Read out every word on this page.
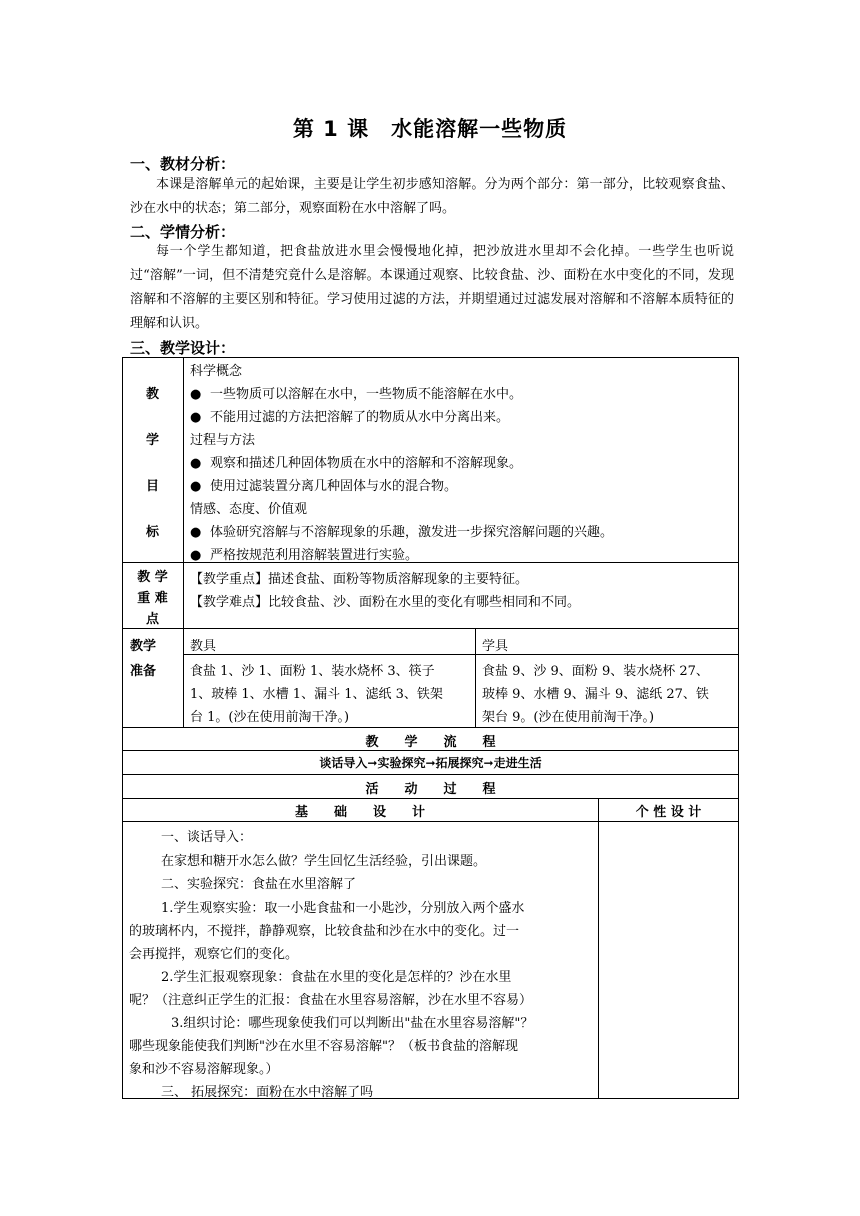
第 1 课 水能溶解一些物质
一、教材分析：
本课是溶解单元的起始课，主要是让学生初步感知溶解。分为两个部分：第一部分，比较观察食盐、沙在水中的状态；第二部分，观察面粉在水中溶解了吗。
二、学情分析：
每一个学生都知道，把食盐放进水里会慢慢地化掉，把沙放进水里却不会化掉。一些学生也听说过“溶解”一词，但不清楚究竟什么是溶解。本课通过观察、比较食盐、沙、面粉在水中变化的不同，发现溶解和不溶解的主要区别和特征。学习使用过滤的方法，并期望通过过滤发展对溶解和不溶解本质特征的理解和认识。
三、教学设计：
教
学
目
标
科学概念
● 一些物质可以溶解在水中，一些物质不能溶解在水中。
● 不能用过滤的方法把溶解了的物质从水中分离出来。
过程与方法
● 观察和描述几种固体物质在水中的溶解和不溶解现象。
● 使用过滤装置分离几种固体与水的混合物。
情感、态度、价值观
● 体验研究溶解与不溶解现象的乐趣，激发进一步探究溶解问题的兴趣。
● 严格按规范利用溶解装置进行实验。
教 学
重 难
点
【教学重点】描述食盐、面粉等物质溶解现象的主要特征。
【教学难点】比较食盐、沙、面粉在水里的变化有哪些相同和不同。
教学
准备
教具	学具
食盐 1、沙 1、面粉 1、装水烧杯 3、筷子
1、玻棒 1、水槽 1、漏斗 1、滤纸 3、铁架
台 1。(沙在使用前淘干净。)
食盐 9、沙 9、面粉 9、装水烧杯 27、
玻棒 9、水槽 9、漏斗 9、滤纸 27、铁
架台 9。(沙在使用前淘干净。)
教　　学　　流　　程
谈话导入➞实验探究➞拓展探究➞走进生活
活　　动　　过　　程
基　　础　　设　　计	个 性 设 计
一、谈话导入：
在家想和糖开水怎么做？学生回忆生活经验，引出课题。
二、实验探究：食盐在水里溶解了
1.学生观察实验：取一小匙食盐和一小匙沙，分别放入两个盛水
的玻璃杯内，不搅拌，静静观察，比较食盐和沙在水中的变化。过一
会再搅拌，观察它们的变化。
2.学生汇报观察现象：食盐在水里的变化是怎样的？沙在水里
呢？（注意纠正学生的汇报：食盐在水里容易溶解，沙在水里不容易）
3.组织讨论：哪些现象使我们可以判断出"盐在水里容易溶解"？
哪些现象能使我们判断"沙在水里不容易溶解"？（板书食盐的溶解现
象和沙不容易溶解现象。）
三、 拓展探究：面粉在水中溶解了吗
